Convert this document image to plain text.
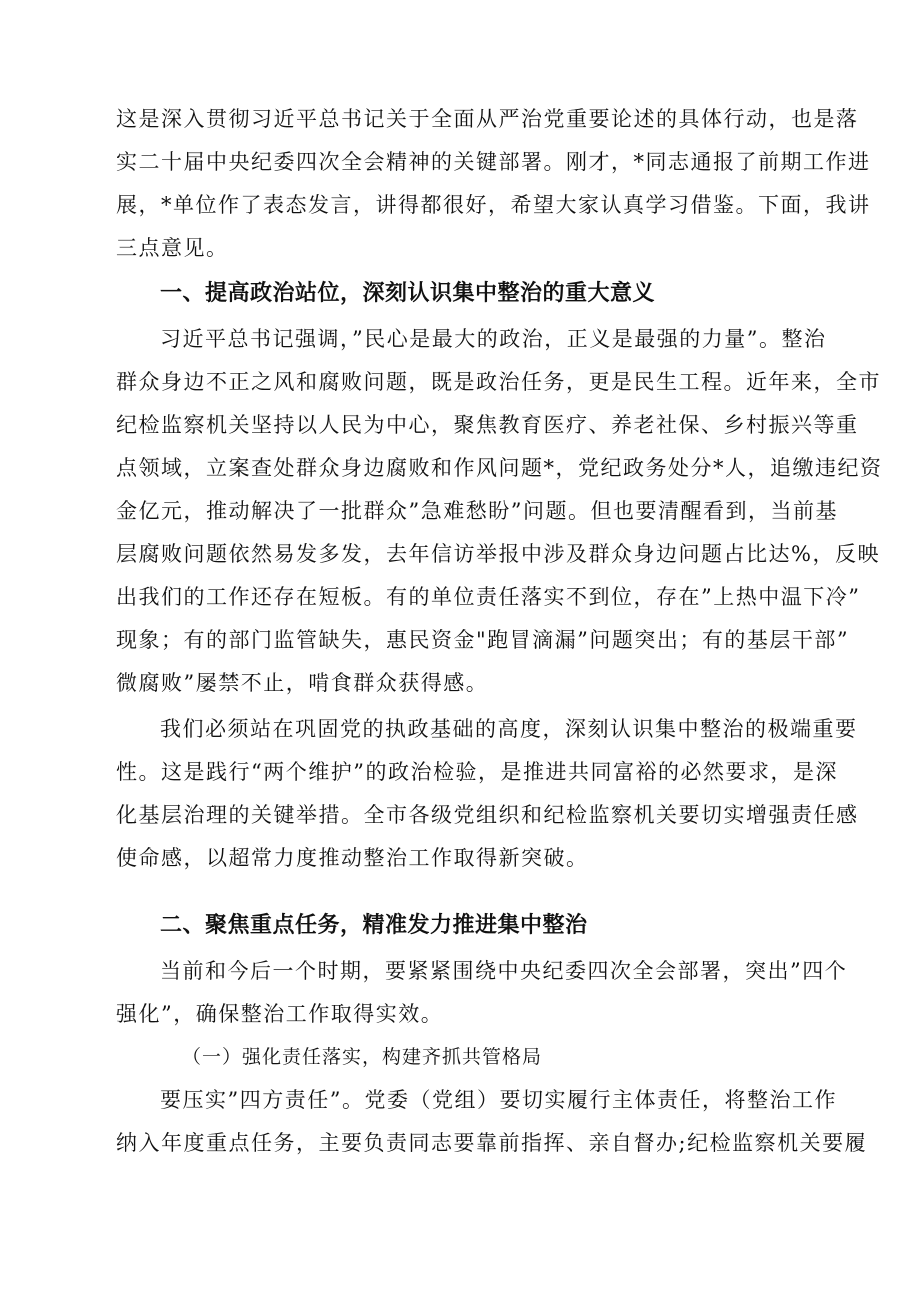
这是深入贯彻习近平总书记关于全面从严治党重要论述的具体行动，也是落
实二十届中央纪委四次全会精神的关键部署。刚才，*同志通报了前期工作进
展，*单位作了表态发言，讲得都很好，希望大家认真学习借鉴。下面，我讲
三点意见。
一、提高政治站位，深刻认识集中整治的重大意义
习近平总书记强调，”民心是最大的政治，正义是最强的力量”。整治
群众身边不正之风和腐败问题，既是政治任务，更是民生工程。近年来，全市
纪检监察机关坚持以人民为中心，聚焦教育医疗、养老社保、乡村振兴等重
点领域，立案查处群众身边腐败和作风问题*，党纪政务处分*人，追缴违纪资
金亿元，推动解决了一批群众”急难愁盼”问题。但也要清醒看到，当前基
层腐败问题依然易发多发，去年信访举报中涉及群众身边问题占比达%，反映
出我们的工作还存在短板。有的单位责任落实不到位，存在”上热中温下冷”
现象；有的部门监管缺失，惠民资金"跑冒滴漏”问题突出；有的基层干部”
微腐败”屡禁不止，啃食群众获得感。
我们必须站在巩固党的执政基础的高度，深刻认识集中整治的极端重要
性。这是践行“两个维护”的政治检验，是推进共同富裕的必然要求，是深
化基层治理的关键举措。全市各级党组织和纪检监察机关要切实增强责任感
使命感，以超常力度推动整治工作取得新突破。
二、聚焦重点任务，精准发力推进集中整治
当前和今后一个时期，要紧紧围绕中央纪委四次全会部署，突出”四个
强化”，确保整治工作取得实效。
（一）强化责任落实，构建齐抓共管格局
要压实”四方责任”。党委（党组）要切实履行主体责任，将整治工作
纳入年度重点任务，主要负责同志要靠前指挥、亲自督办;纪检监察机关要履
